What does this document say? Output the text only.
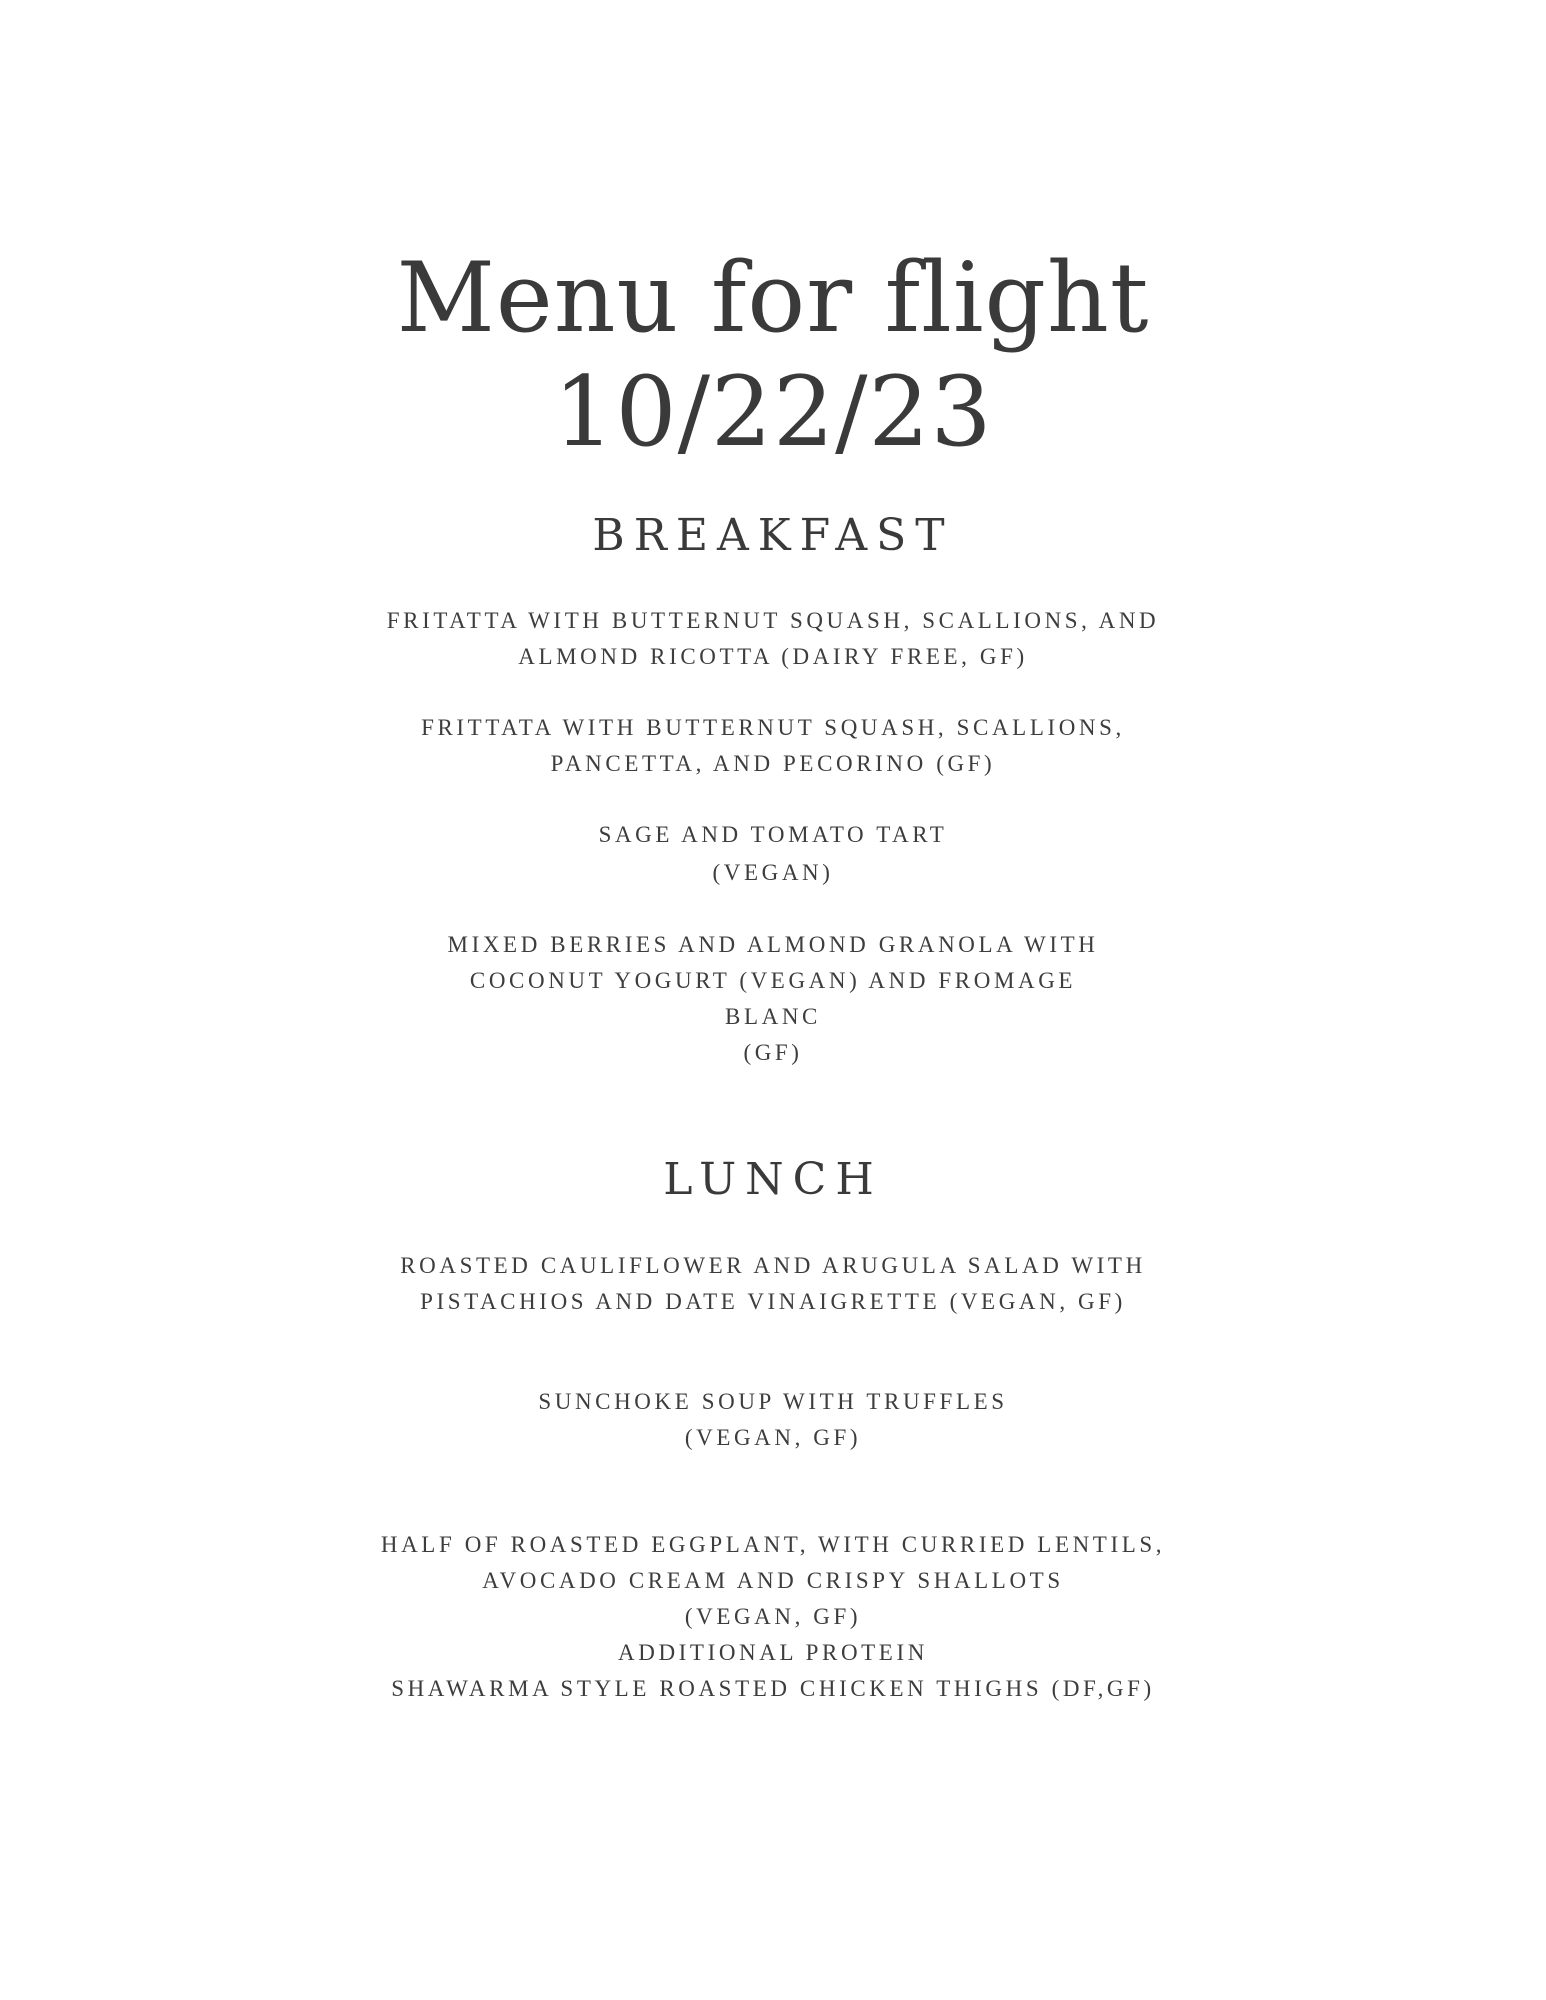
Menu for flight
10/22/23
BREAKFAST
FRITATTA WITH BUTTERNUT SQUASH, SCALLIONS, AND
ALMOND RICOTTA (DAIRY FREE, GF)
FRITTATA WITH BUTTERNUT SQUASH, SCALLIONS,
PANCETTA, AND PECORINO (GF)
SAGE AND TOMATO TART
(VEGAN)
MIXED BERRIES AND ALMOND GRANOLA WITH
COCONUT YOGURT (VEGAN) AND FROMAGE
BLANC
(GF)
LUNCH
ROASTED CAULIFLOWER AND ARUGULA SALAD WITH
PISTACHIOS AND DATE VINAIGRETTE (VEGAN, GF)
SUNCHOKE SOUP WITH TRUFFLES
(VEGAN, GF)
HALF OF ROASTED EGGPLANT, WITH CURRIED LENTILS,
AVOCADO CREAM AND CRISPY SHALLOTS
(VEGAN, GF)
ADDITIONAL PROTEIN
SHAWARMA STYLE ROASTED CHICKEN THIGHS (DF,GF)
